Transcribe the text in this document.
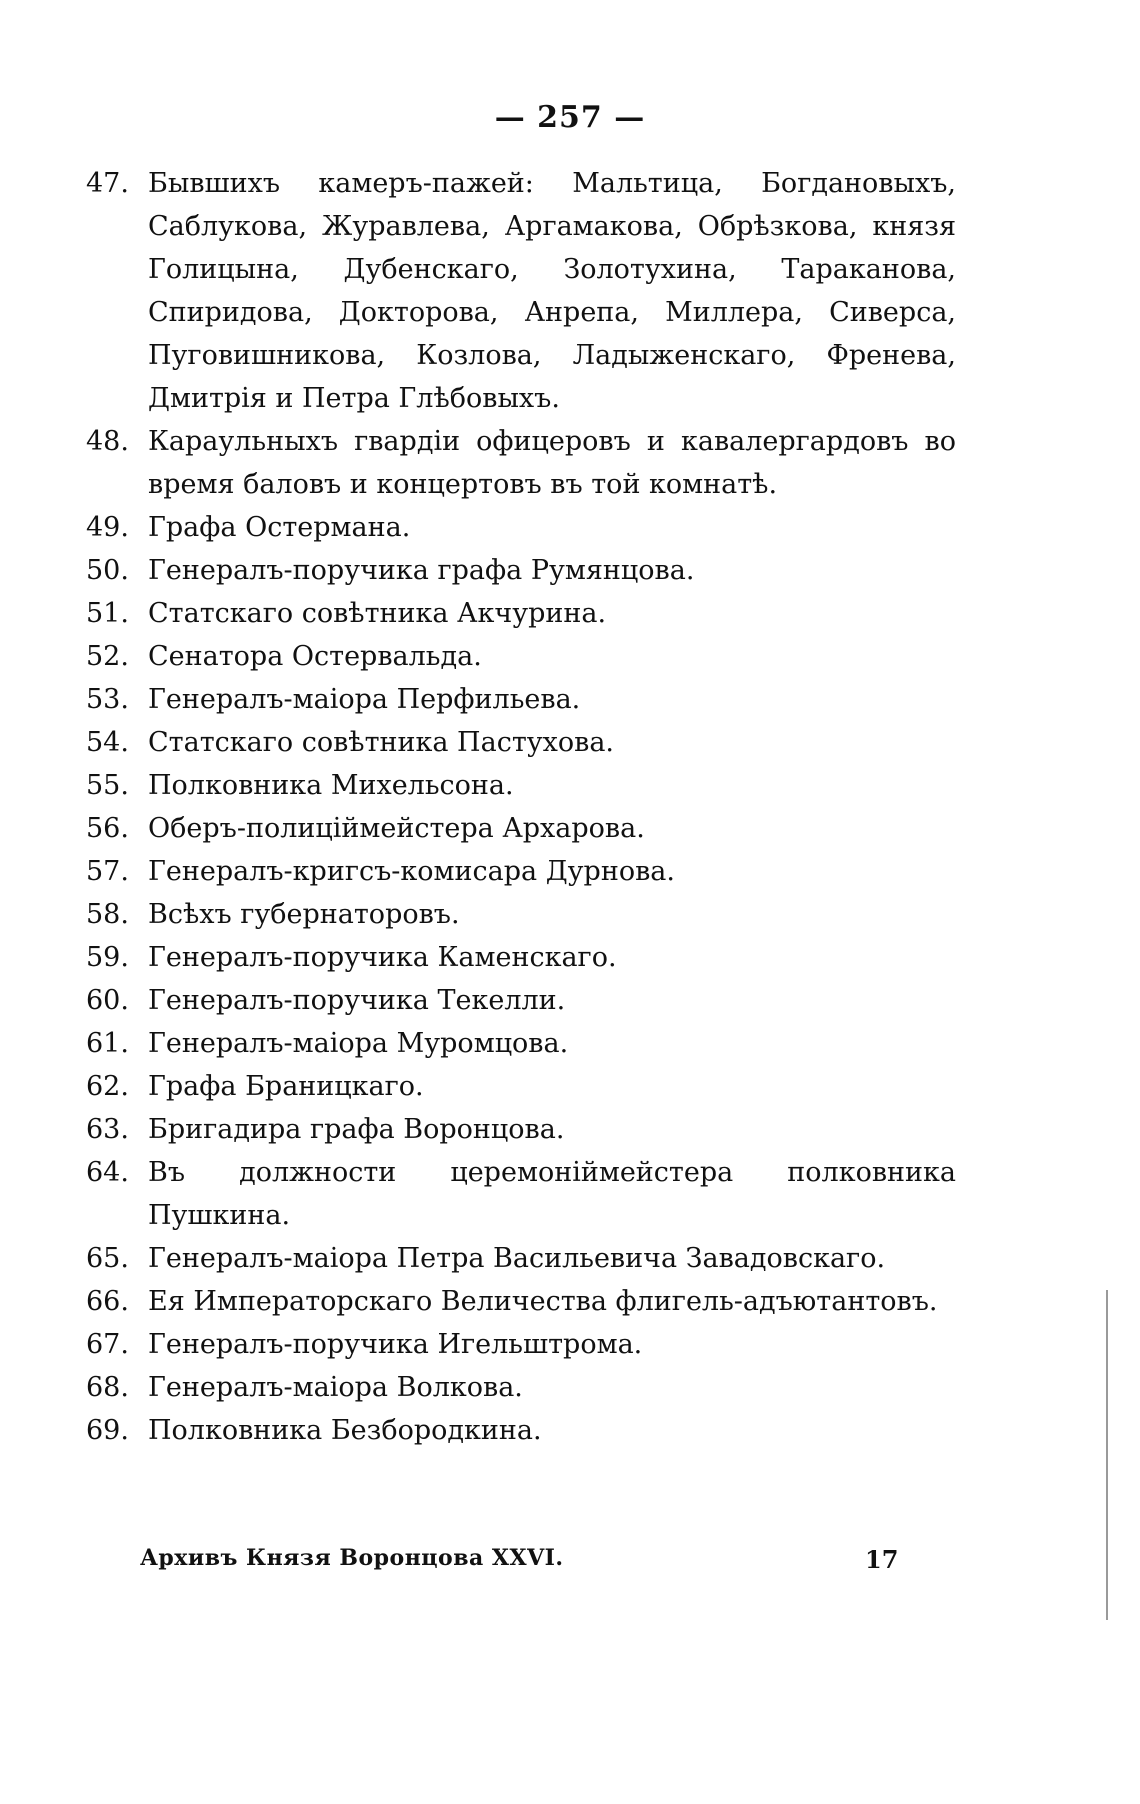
— 257 —
47. Бывшихъ камеръ-пажей: Мальтица, Богдановыхъ, Саблукова, Журавлева, Аргамакова, Обрѣзкова, князя Голицына, Дубенскаго, Золотухина, Тараканова, Спиридова, Докторова, Анрепа, Миллера, Сиверса, Пуговишникова, Козлова, Ладыженскаго, Френева, Дмитрія и Петра Глѣбовыхъ.
48. Караульныхъ гвардіи офицеровъ и кавалергардовъ во время баловъ и концертовъ въ той комнатѣ.
49. Графа Остермана.
50. Генералъ-поручика графа Румянцова.
51. Статскаго совѣтника Акчурина.
52. Сенатора Остервальда.
53. Генералъ-маіора Перфильева.
54. Статскаго совѣтника Пастухова.
55. Полковника Михельсона.
56. Оберъ-полиціймейстера Архарова.
57. Генералъ-кригсъ-комисара Дурнова.
58. Всѣхъ губернаторовъ.
59. Генералъ-поручика Каменскаго.
60. Генералъ-поручика Текелли.
61. Генералъ-маіора Муромцова.
62. Графа Браницкаго.
63. Бригадира графа Воронцова.
64. Въ должности церемоніймейстера полковника Пушкина.
65. Генералъ-маіора Петра Васильевича Завадовскаго.
66. Ея Императорскаго Величества флигель-адъютантовъ.
67. Генералъ-поручика Игельштрома.
68. Генералъ-маіора Волкова.
69. Полковника Безбородкина.
Архивъ Князя Воронцова XXVI.	17
